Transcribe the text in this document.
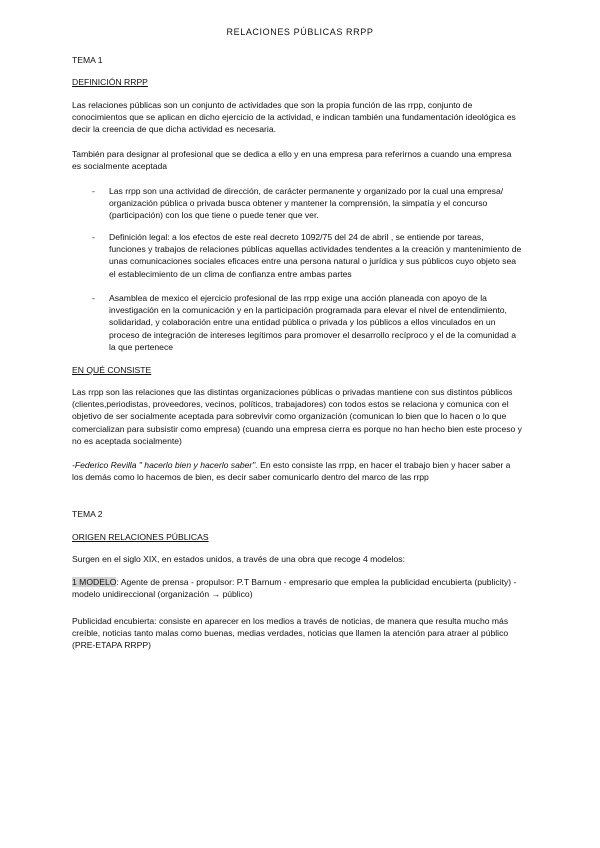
RELACIONES PÚBLICAS RRPP
TEMA 1
DEFINICIÓN RRPP
Las relaciones públicas son un conjunto de actividades que son la propia función de las rrpp, conjunto de conocimientos que se aplican en dicho ejercicio de la actividad, e indican también una fundamentación ideológica es decir la creencia de que dicha actividad es necesaria.
También para designar al profesional que se dedica a ello y en una empresa para referirnos a cuando una empresa es socialmente aceptada
- Las rrpp son una actividad de dirección, de carácter permanente y organizado por la cual una empresa/ organización pública o privada busca obtener y mantener la comprensión, la simpatía y el concurso (participación) con los que tiene o puede tener que ver.
- Definición legal: a los efectos de este real decreto 1092/75 del 24 de abril , se entiende por tareas, funciones y trabajos de relaciones públicas aquellas actividades tendentes a la creación y mantenimiento de unas comunicaciones sociales eficaces entre una persona natural o jurídica y sus públicos cuyo objeto sea el establecimiento de un clima de confianza entre ambas partes
- Asamblea de mexico el ejercicio profesional de las rrpp exige una acción planeada con apoyo de la investigación en la comunicación y en la participación programada para elevar el nivel de entendimiento, solidaridad, y colaboración entre una entidad pública o privada y los públicos a ellos vinculados en un proceso de integración de intereses legítimos para promover el desarrollo recíproco y el de la comunidad a la que pertenece
EN QUÉ CONSISTE
Las rrpp son las relaciones que las distintas organizaciones públicas o privadas mantiene con sus distintos públicos (clientes,periodistas, proveedores, vecinos, políticos, trabajadores) con todos estos se relaciona y comunica con el objetivo de ser socialmente aceptada para sobrevivir como organización (comunican lo bien que lo hacen o lo que comercializan para subsistir como empresa) (cuando una empresa cierra es porque no han hecho bien este proceso y no es aceptada socialmente)
-Federico Revilla " hacerlo bien y hacerlo saber". En esto consiste las rrpp, en hacer el trabajo bien y hacer saber a los demás como lo hacemos de bien, es decir saber comunicarlo dentro del marco de las rrpp
TEMA 2
ORIGEN RELACIONES PÚBLICAS
Surgen en el siglo XIX, en estados unidos, a través de una obra que recoge 4 modelos:
1 MODELO: Agente de prensa - propulsor: P.T Barnum - empresario que emplea la publicidad encubierta (publicity) - modelo unidireccional (organización → público)
Publicidad encubierta: consiste en aparecer en los medios a través de noticias, de manera que resulta mucho más creíble, noticias tanto malas como buenas, medias verdades, noticias que llamen la atención para atraer al público (PRE-ETAPA RRPP)
